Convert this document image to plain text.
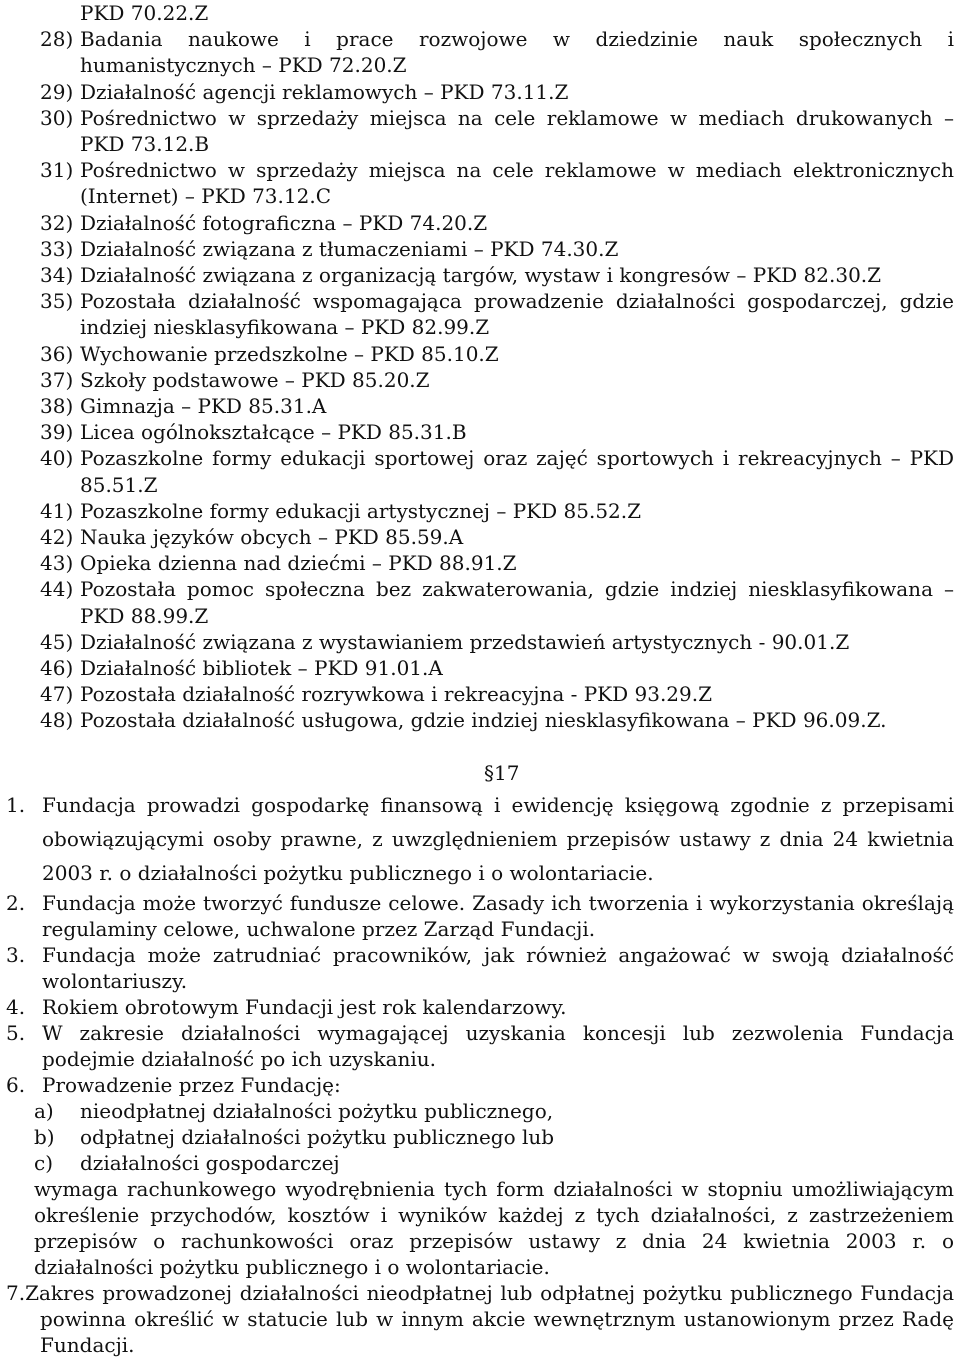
PKD 70.22.Z
28) Badania naukowe i prace rozwojowe w dziedzinie nauk społecznych i humanistycznych – PKD 72.20.Z
29) Działalność agencji reklamowych – PKD 73.11.Z
30) Pośrednictwo w sprzedaży miejsca na cele reklamowe w mediach drukowanych – PKD 73.12.B
31) Pośrednictwo w sprzedaży miejsca na cele reklamowe w mediach elektronicznych (Internet) – PKD 73.12.C
32) Działalność fotograficzna – PKD 74.20.Z
33) Działalność związana z tłumaczeniami – PKD 74.30.Z
34) Działalność związana z organizacją targów, wystaw i kongresów – PKD 82.30.Z
35) Pozostała działalność wspomagająca prowadzenie działalności gospodarczej, gdzie indziej niesklasyfikowana – PKD 82.99.Z
36) Wychowanie przedszkolne – PKD 85.10.Z
37) Szkoły podstawowe – PKD 85.20.Z
38) Gimnazja – PKD 85.31.A
39) Licea ogólnokształcące – PKD 85.31.B
40) Pozaszkolne formy edukacji sportowej oraz zajęć sportowych i rekreacyjnych – PKD 85.51.Z
41) Pozaszkolne formy edukacji artystycznej – PKD 85.52.Z
42) Nauka języków obcych – PKD 85.59.A
43) Opieka dzienna nad dziećmi – PKD 88.91.Z
44) Pozostała pomoc społeczna bez zakwaterowania, gdzie indziej niesklasyfikowana – PKD 88.99.Z
45) Działalność związana z wystawianiem przedstawień artystycznych - 90.01.Z
46) Działalność bibliotek – PKD 91.01.A
47) Pozostała działalność rozrywkowa i rekreacyjna - PKD 93.29.Z
48) Pozostała działalność usługowa, gdzie indziej niesklasyfikowana – PKD 96.09.Z.
§17
1. Fundacja prowadzi gospodarkę finansową i ewidencję księgową zgodnie z przepisami obowiązującymi osoby prawne, z uwzględnieniem przepisów ustawy z dnia 24 kwietnia 2003 r. o działalności pożytku publicznego i o wolontariacie.
2. Fundacja może tworzyć fundusze celowe. Zasady ich tworzenia i wykorzystania określają regulaminy celowe, uchwalone przez Zarząd Fundacji.
3. Fundacja może zatrudniać pracowników, jak również angażować w swoją działalność wolontariuszy.
4. Rokiem obrotowym Fundacji jest rok kalendarzowy.
5. W zakresie działalności wymagającej uzyskania koncesji lub zezwolenia Fundacja podejmie działalność po ich uzyskaniu.
6. Prowadzenie przez Fundację:
a) nieodpłatnej działalności pożytku publicznego,
b) odpłatnej działalności pożytku publicznego lub
c) działalności gospodarczej
wymaga rachunkowego wyodrębnienia tych form działalności w stopniu umożliwiającym określenie przychodów, kosztów i wyników każdej z tych działalności, z zastrzeżeniem przepisów o rachunkowości oraz przepisów ustawy z dnia 24 kwietnia 2003 r. o działalności pożytku publicznego i o wolontariacie.
7.Zakres prowadzonej działalności nieodpłatnej lub odpłatnej pożytku publicznego Fundacja powinna określić w statucie lub w innym akcie wewnętrznym ustanowionym przez Radę Fundacji.
